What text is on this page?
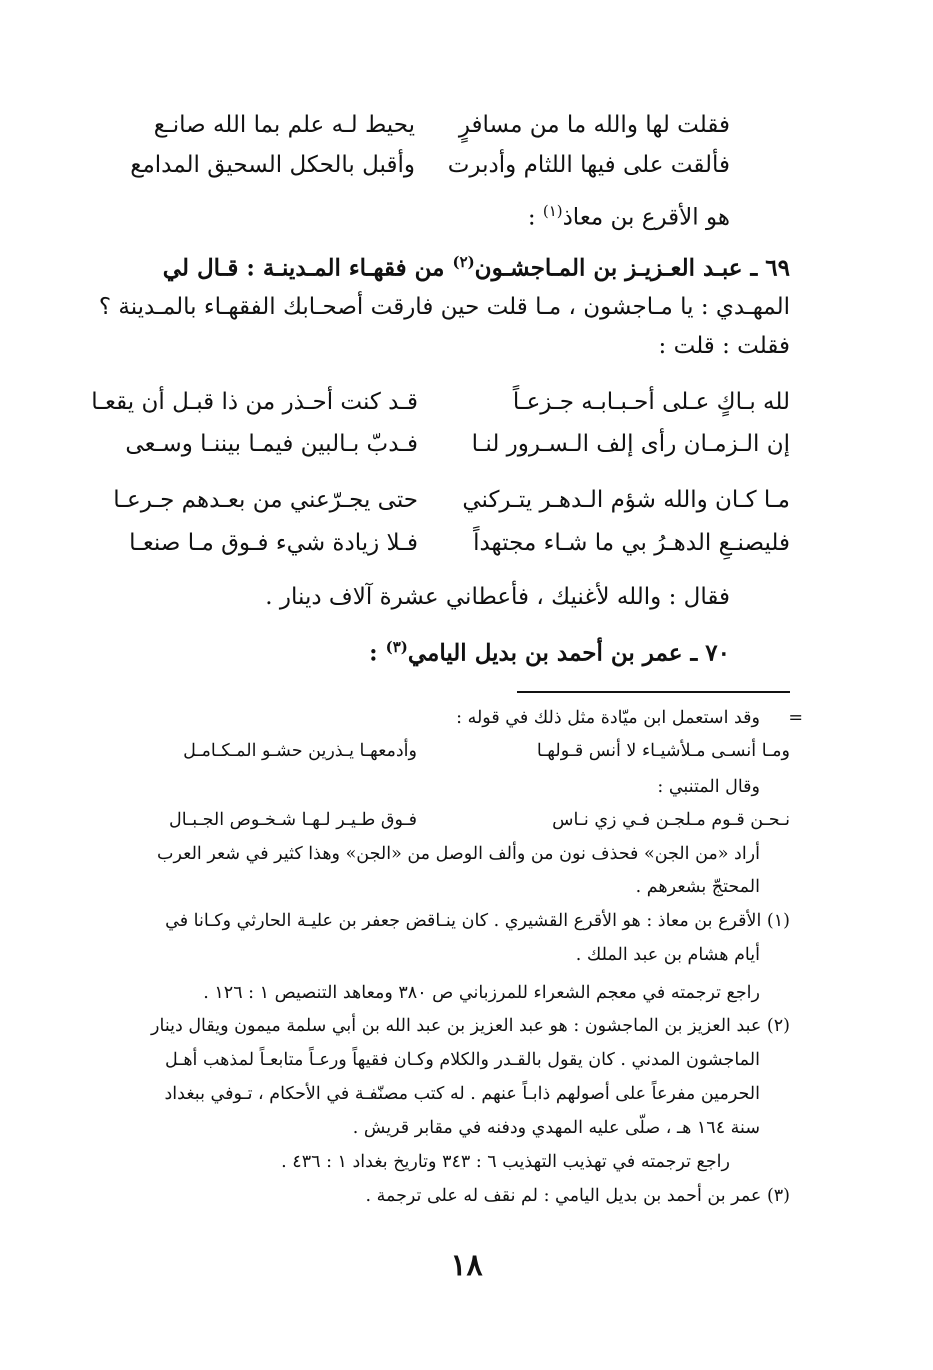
فقلت لها والله ما من مسافرٍ
يحيط لـه علم بما الله صانـع
فألقت على فيها اللثام وأدبرت
وأقبل بالحكل السحيق المدامع
هو الأقرع بن معاذ$^{(١)}$ :
٦٩ ـ عبـد العـزيـز بن المـاجشـون$^{(٢)}$ من فقهـاء المـدينـة : قـال لي
المهـدي : يا مـاجشون ، مـا قلت حين فارقت أصحـابك الفقهـاء بالمـدينة ؟
فقلت : قلت :
لله بـاكٍ عـلى أحـبـابـه جـزعـاً
قـد كنت أحـذر من ذا قبـل أن يقعـا
إن الـزمـان رأى إلف الـسـرور لنـا
فـدبّ بـالبين فيمـا بيننـا وسـعى
مـا كـان والله شؤم الـدهـر يتـركني
حتى يجـرّعني من بعـدهم جـرعـا
فليصنـعِ الدهـرُ بي ما شـاء مجتهداً
فـلا زيادة شيء فـوق مـا صنعـا
فقال : والله لأغنيك ، فأعطاني عشرة آلاف دينار .
٧٠ ـ عمر بن أحمد بن بديل اليامي$^{(٣)}$ :
=
وقد استعمل ابن ميّادة مثل ذلك في قوله :
ومـا أنسـى مـلأشيـاء لا أنس قـولهـا
وأدمعهـا يـذرين حشـو المـكـامـل
وقال المتنبي :
نـحـن قـوم مـلجـن فـي زي نـاس
فـوق طـيـر لـهـا شـخـوص الجـبـال
أراد «من الجن» فحذف نون من وألف الوصل من «الجن» وهذا كثير في شعر العرب
المحتجّ بشعرهم .
(١) الأقرع بن معاذ : هو الأقرع القشيري . كان ينـاقض جعفر بن عليـة الحارثي وكـانا في
أيام هشام بن عبد الملك .
راجع ترجمته في معجم الشعراء للمرزباني ص ٣٨٠ ومعاهد التنصيص ١ : ١٢٦ .
(٢) عبد العزيز بن الماجشون : هو عبد العزيز بن عبد الله بن أبي سلمة ميمون ويقال دينار
الماجشون المدني . كان يقول بالقـدر والكلام وكـان فقيهاً ورعـاً متابعـاً لمذهب أهـل
الحرمين مفرعاً على أصولهم ذابـاً عنهم . له كتب مصنّفـة في الأحكام ، تـوفي ببغداد
سنة ١٦٤ هـ ، صلّى عليه المهدي ودفنه في مقابر قريش .
راجع ترجمته في تهذيب التهذيب ٦ : ٣٤٣ وتاريخ بغداد ١ : ٤٣٦ .
(٣) عمر بن أحمد بن بديل اليامي : لم نقف له على ترجمة .
١٨
